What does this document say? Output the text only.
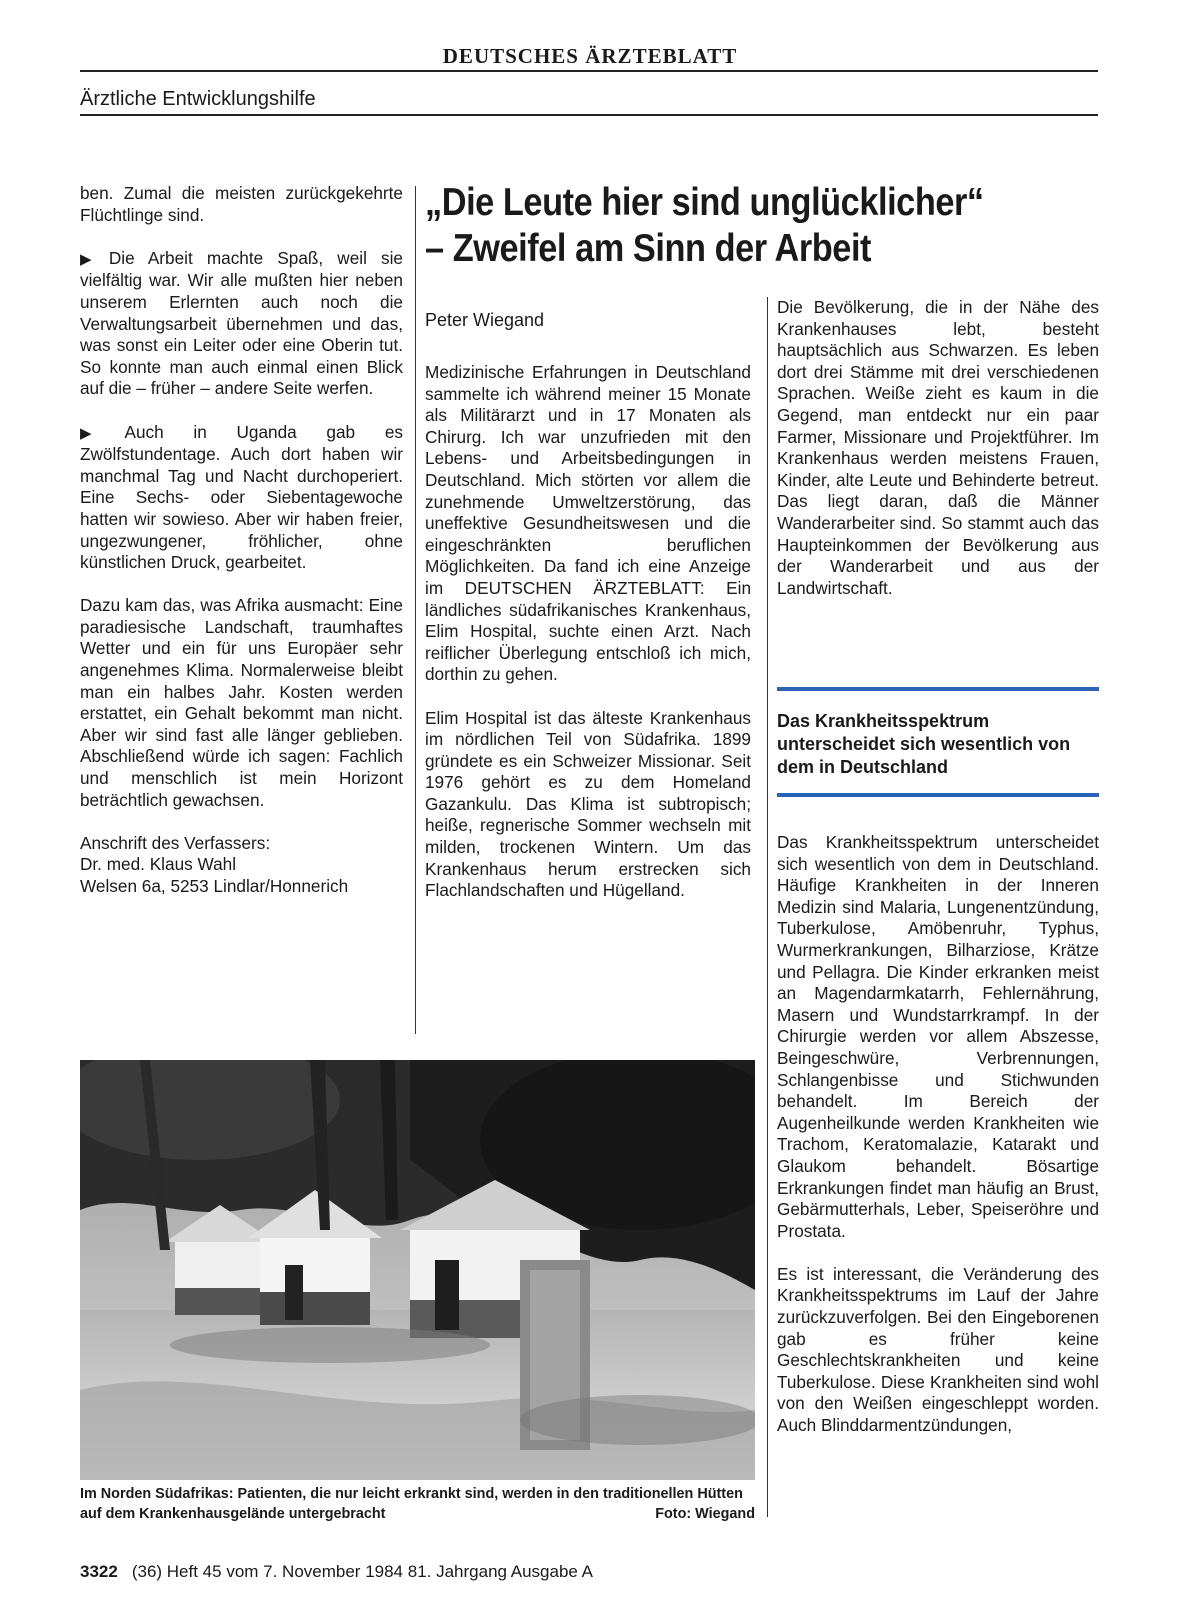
DEUTSCHES ÄRZTEBLATT
Ärztliche Entwicklungshilfe

ben. Zumal die meisten zurückgekehrte Flüchtlinge sind.

▶ Die Arbeit machte Spaß, weil sie vielfältig war. Wir alle mußten hier neben unserem Erlernten auch noch die Verwaltungsarbeit übernehmen und das, was sonst ein Leiter oder eine Oberin tut. So konnte man auch einmal einen Blick auf die – früher – andere Seite werfen.

▶ Auch in Uganda gab es Zwölfstundentage. Auch dort haben wir manchmal Tag und Nacht durchoperiert. Eine Sechs- oder Siebentagewoche hatten wir sowieso. Aber wir haben freier, ungezwungener, fröhlicher, ohne künstlichen Druck, gearbeitet.

Dazu kam das, was Afrika ausmacht: Eine paradiesische Landschaft, traumhaftes Wetter und ein für uns Europäer sehr angenehmes Klima. Normalerweise bleibt man ein halbes Jahr. Kosten werden erstattet, ein Gehalt bekommt man nicht. Aber wir sind fast alle länger geblieben. Abschließend würde ich sagen: Fachlich und menschlich ist mein Horizont beträchtlich gewachsen.

Anschrift des Verfassers:
Dr. med. Klaus Wahl
Welsen 6a, 5253 Lindlar/Honnerich
„Die Leute hier sind unglücklicher“
– Zweifel am Sinn der Arbeit
Peter Wiegand

Medizinische Erfahrungen in Deutschland sammelte ich während meiner 15 Monate als Militärarzt und in 17 Monaten als Chirurg. Ich war unzufrieden mit den Lebens- und Arbeitsbedingungen in Deutschland. Mich störten vor allem die zunehmende Umweltzerstörung, das uneffektive Gesundheitswesen und die eingeschränkten beruflichen Möglichkeiten. Da fand ich eine Anzeige im DEUTSCHEN ÄRZTEBLATT: Ein ländliches südafrikanisches Krankenhaus, Elim Hospital, suchte einen Arzt. Nach reiflicher Überlegung entschloß ich mich, dorthin zu gehen.

Elim Hospital ist das älteste Krankenhaus im nördlichen Teil von Südafrika. 1899 gründete es ein Schweizer Missionar. Seit 1976 gehört es zu dem Homeland Gazankulu. Das Klima ist subtropisch; heiße, regnerische Sommer wechseln mit milden, trockenen Wintern. Um das Krankenhaus herum erstrecken sich Flachlandschaften und Hügelland.

Die Bevölkerung, die in der Nähe des Krankenhauses lebt, besteht hauptsächlich aus Schwarzen. Es leben dort drei Stämme mit drei verschiedenen Sprachen. Weiße zieht es kaum in die Gegend, man entdeckt nur ein paar Farmer, Missionare und Projektführer. Im Krankenhaus werden meistens Frauen, Kinder, alte Leute und Behinderte betreut. Das liegt daran, daß die Männer Wanderarbeiter sind. So stammt auch das Haupteinkommen der Bevölkerung aus der Wanderarbeit und aus der Landwirtschaft.

Das Krankheitsspektrum unterscheidet sich wesentlich von dem in Deutschland

Das Krankheitsspektrum unterscheidet sich wesentlich von dem in Deutschland. Häufige Krankheiten in der Inneren Medizin sind Malaria, Lungenentzündung, Tuberkulose, Amöbenruhr, Typhus, Wurmerkrankungen, Bilharziose, Krätze und Pellagra. Die Kinder erkranken meist an Magendarmkatarrh, Fehlernährung, Masern und Wundstarrkrampf. In der Chirurgie werden vor allem Abszesse, Beingeschwüre, Verbrennungen, Schlangenbisse und Stichwunden behandelt. Im Bereich der Augenheilkunde werden Krankheiten wie Trachom, Keratomalazie, Katarakt und Glaukom behandelt. Bösartige Erkrankungen findet man häufig an Brust, Gebärmutterhals, Leber, Speiseröhre und Prostata.

Es ist interessant, die Veränderung des Krankheitsspektrums im Lauf der Jahre zurückzuverfolgen. Bei den Eingeborenen gab es früher keine Geschlechtskrankheiten und keine Tuberkulose. Diese Krankheiten sind wohl von den Weißen eingeschleppt worden. Auch Blinddarmentzündungen,

Im Norden Südafrikas: Patienten, die nur leicht erkrankt sind, werden in den traditionellen Hütten auf dem Krankenhausgelände untergebracht	Foto: Wiegand
3322 (36) Heft 45 vom 7. November 1984 81. Jahrgang Ausgabe A
